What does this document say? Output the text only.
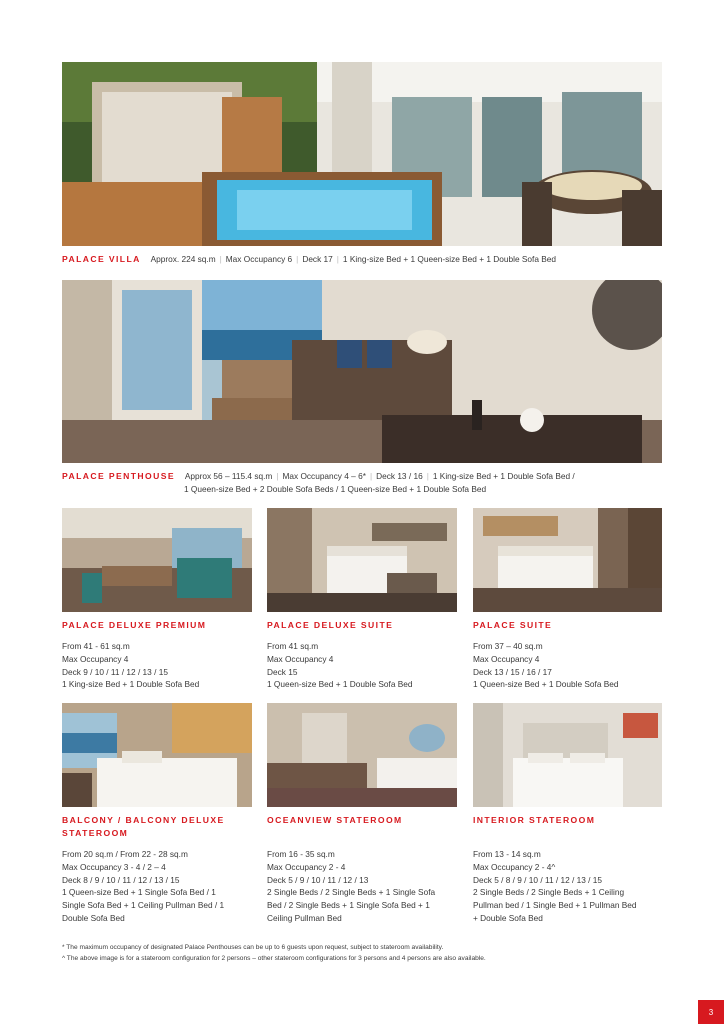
PALACE VILLA Approx. 224 sq.m | Max Occupancy 6 | Deck 17 | 1 King-size Bed + 1 Queen-size Bed + 1 Double Sofa Bed
PALACE PENTHOUSE Approx 56 – 115.4 sq.m | Max Occupancy 4 – 6* | Deck 13 / 16 | 1 King-size Bed + 1 Double Sofa Bed /
1 Queen-size Bed + 2 Double Sofa Beds / 1 Queen-size Bed + 1 Double Sofa Bed
PALACE DELUXE PREMIUM
From 41 - 61 sq.m
Max Occupancy 4
Deck 9 / 10 / 11 / 12 / 13 / 15
1 King-size Bed + 1 Double Sofa Bed
PALACE DELUXE SUITE
From 41 sq.m
Max Occupancy 4
Deck 15
1 Queen-size Bed + 1 Double Sofa Bed
PALACE SUITE
From 37 – 40 sq.m
Max Occupancy 4
Deck 13 / 15 / 16 / 17
1 Queen-size Bed + 1 Double Sofa Bed
BALCONY / BALCONY DELUXE
STATEROOM
From 20 sq.m / From 22 - 28 sq.m
Max Occupancy 3 - 4 / 2 – 4
Deck 8 / 9 / 10 / 11 / 12 / 13 / 15
1 Queen-size Bed + 1 Single Sofa Bed / 1
Single Sofa Bed + 1 Ceiling Pullman Bed / 1
Double Sofa Bed
OCEANVIEW STATEROOM
From 16 - 35 sq.m
Max Occupancy 2 - 4
Deck 5 / 9 / 10 / 11 / 12 / 13
2 Single Beds / 2 Single Beds + 1 Single Sofa
Bed / 2 Single Beds + 1 Single Sofa Bed + 1
Ceiling Pullman Bed
INTERIOR STATEROOM
From 13 - 14 sq.m
Max Occupancy 2 - 4^
Deck 5 / 8 / 9 / 10 / 11 / 12 / 13 / 15
2 Single Beds / 2 Single Beds + 1 Ceiling
Pullman bed / 1 Single Bed + 1 Pullman Bed
+ Double Sofa Bed
* The maximum occupancy of designated Palace Penthouses can be up to 6 guests upon request, subject to stateroom availability.
^ The above image is for a stateroom configuration for 2 persons – other stateroom configurations for 3 persons and 4 persons are also available.
3
